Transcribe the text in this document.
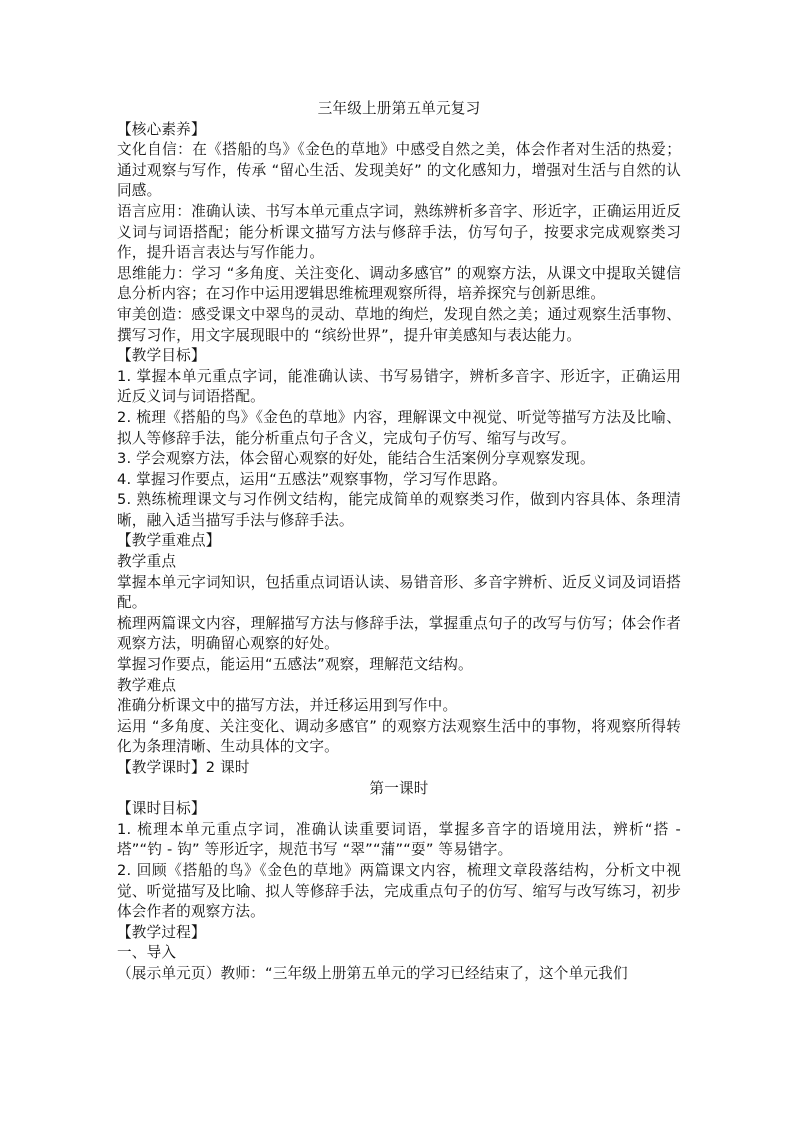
三年级上册第五单元复习
【核心素养】

文化自信：在《搭船的鸟》《金色的草地》中感受自然之美，体会作者对生活的热爱；通过观察与写作，传承 “留心生活、发现美好” 的文化感知力，增强对生活与自然的认同感。

语言应用：准确认读、书写本单元重点字词，熟练辨析多音字、形近字，正确运用近反义词与词语搭配；能分析课文描写方法与修辞手法，仿写句子，按要求完成观察类习作，提升语言表达与写作能力。

思维能力：学习 “多角度、关注变化、调动多感官” 的观察方法，从课文中提取关键信息分析内容；在习作中运用逻辑思维梳理观察所得，培养探究与创新思维。

审美创造：感受课文中翠鸟的灵动、草地的绚烂，发现自然之美；通过观察生活事物、撰写习作，用文字展现眼中的 “缤纷世界”，提升审美感知与表达能力。

【教学目标】

1. 掌握本单元重点字词，能准确认读、书写易错字，辨析多音字、形近字，正确运用近反义词与词语搭配。

2. 梳理《搭船的鸟》《金色的草地》内容，理解课文中视觉、听觉等描写方法及比喻、拟人等修辞手法，能分析重点句子含义，完成句子仿写、缩写与改写。

3. 学会观察方法，体会留心观察的好处，能结合生活案例分享观察发现。

4. 掌握习作要点，运用“五感法”观察事物，学习写作思路。

5. 熟练梳理课文与习作例文结构，能完成简单的观察类习作，做到内容具体、条理清晰，融入适当描写手法与修辞手法。

【教学重难点】
教学重点

掌握本单元字词知识，包括重点词语认读、易错音形、多音字辨析、近反义词及词语搭配。

梳理两篇课文内容，理解描写方法与修辞手法，掌握重点句子的改写与仿写；体会作者观察方法，明确留心观察的好处。

掌握习作要点，能运用“五感法”观察，理解范文结构。

教学难点

准确分析课文中的描写方法，并迁移运用到写作中。

运用 “多角度、关注变化、调动多感官” 的观察方法观察生活中的事物，将观察所得转化为条理清晰、生动具体的文字。

【教学课时】2 课时
第一课时
【课时目标】

1. 梳理本单元重点字词，准确认读重要词语，掌握多音字的语境用法，辨析“搭 - 塔”“钓 - 钩” 等形近字，规范书写 “翠”“蒲”“耍” 等易错字。

2. 回顾《搭船的鸟》《金色的草地》两篇课文内容，梳理文章段落结构，分析文中视觉、听觉描写及比喻、拟人等修辞手法，完成重点句子的仿写、缩写与改写练习，初步体会作者的观察方法。

【教学过程】
一、导入

（展示单元页）教师：“三年级上册第五单元的学习已经结束了，这个单元我们
